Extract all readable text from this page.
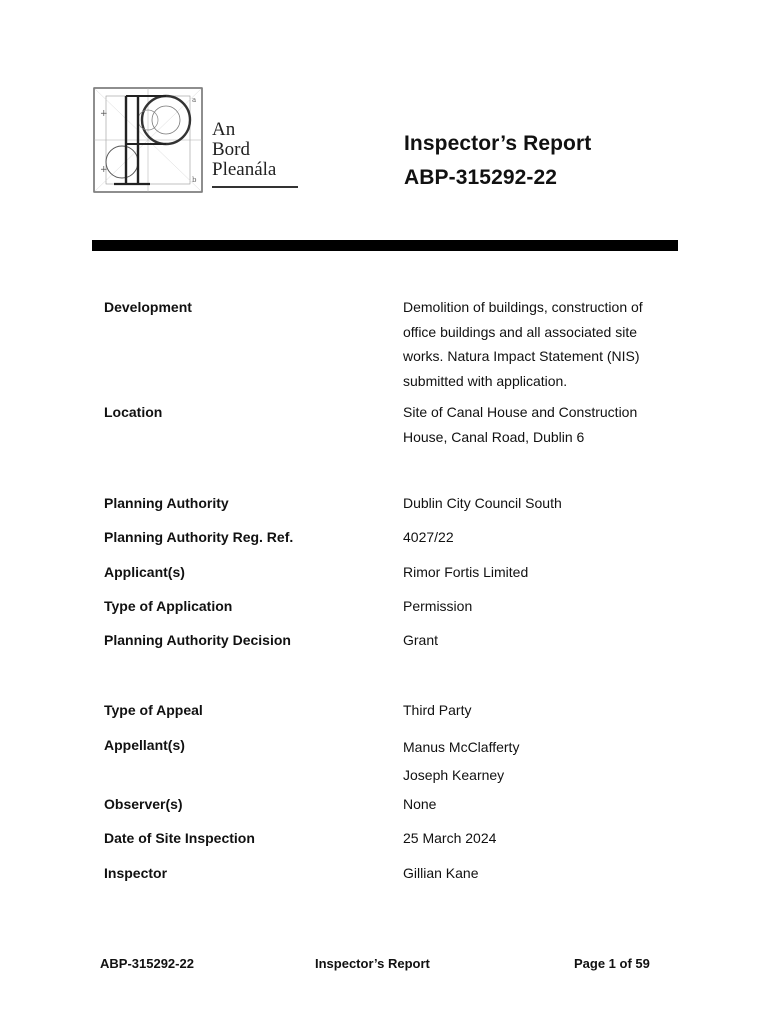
+
+
a
b
An
Bord
Pleanála
Inspector’s Report
ABP-315292-22
Development	Demolition of buildings, construction of
office buildings and all associated site
works. Natura Impact Statement (NIS)
submitted with application.
Location	Site of Canal House and Construction
House, Canal Road, Dublin 6
Planning Authority	Dublin City Council South
Planning Authority Reg. Ref.	4027/22
Applicant(s)	Rimor Fortis Limited
Type of Application	Permission
Planning Authority Decision	Grant
Type of Appeal	Third Party
Appellant(s)	Manus McClafferty
Joseph Kearney
Observer(s)	None
Date of Site Inspection	25 March 2024
Inspector	Gillian Kane
ABP-315292-22	Inspector’s Report	Page 1 of 59
